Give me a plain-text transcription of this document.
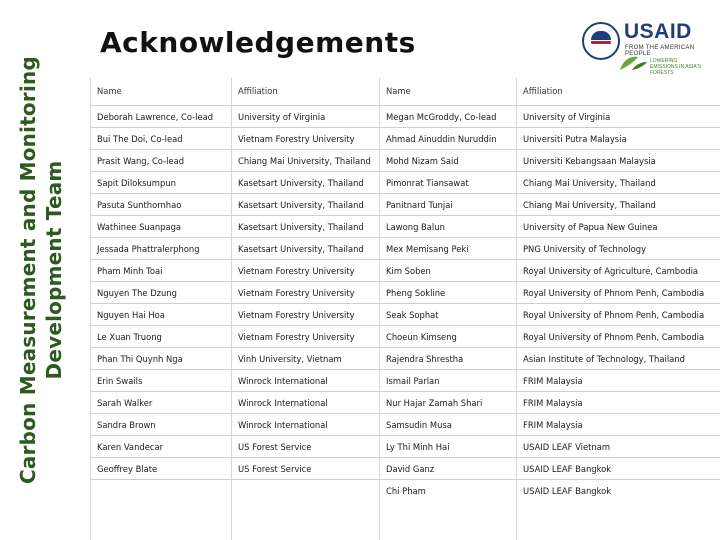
Carbon Measurement and Monitoring Development Team
Acknowledgements	USAID
FROM THE AMERICAN PEOPLE
LOWERING EMISSIONS IN ASIA'S FORESTS
Name	Affiliation	Name	Affiliation
Deborah Lawrence, Co-lead	University of Virginia	Megan McGroddy, Co-lead	University of Virginia
Bui The Doi, Co-lead	Vietnam Forestry University	Ahmad Ainuddin Nuruddin	Universiti Putra Malaysia
Prasit Wang, Co-lead	Chiang Mai University, Thailand	Mohd Nizam Said	Universiti Kebangsaan Malaysia
Sapit Diloksumpun	Kasetsart University, Thailand	Pimonrat Tiansawat	Chiang Mai University, Thailand
Pasuta Sunthornhao	Kasetsart University, Thailand	Panitnard Tunjai	Chiang Mai University, Thailand
Wathinee Suanpaga	Kasetsart University, Thailand	Lawong Balun	University of Papua New Guinea
Jessada Phattralerphong	Kasetsart University, Thailand	Mex Memisang Peki	PNG University of Technology
Pham Minh Toai	Vietnam Forestry University	Kim Soben	Royal University of Agriculture, Cambodia
Nguyen The Dzung	Vietnam Forestry University	Pheng Sokline	Royal University of Phnom Penh, Cambodia
Nguyen Hai Hoa	Vietnam Forestry University	Seak Sophat	Royal University of Phnom Penh, Cambodia
Le Xuan Truong	Vietnam Forestry University	Choeun Kimseng	Royal University of Phnom Penh, Cambodia
Phan Thi Quynh Nga	Vinh University, Vietnam	Rajendra Shrestha	Asian Institute of Technology, Thailand
Erin Swails	Winrock International	Ismail Parlan	FRIM Malaysia
Sarah Walker	Winrock International	Nur Hajar Zamah Shari	FRIM Malaysia
Sandra Brown	Winrock International	Samsudin Musa	FRIM Malaysia
Karen Vandecar	US Forest Service	Ly Thi Minh Hai	USAID LEAF Vietnam
Geoffrey Blate	US Forest Service	David Ganz	USAID LEAF Bangkok
		Chi Pham	USAID LEAF Bangkok
